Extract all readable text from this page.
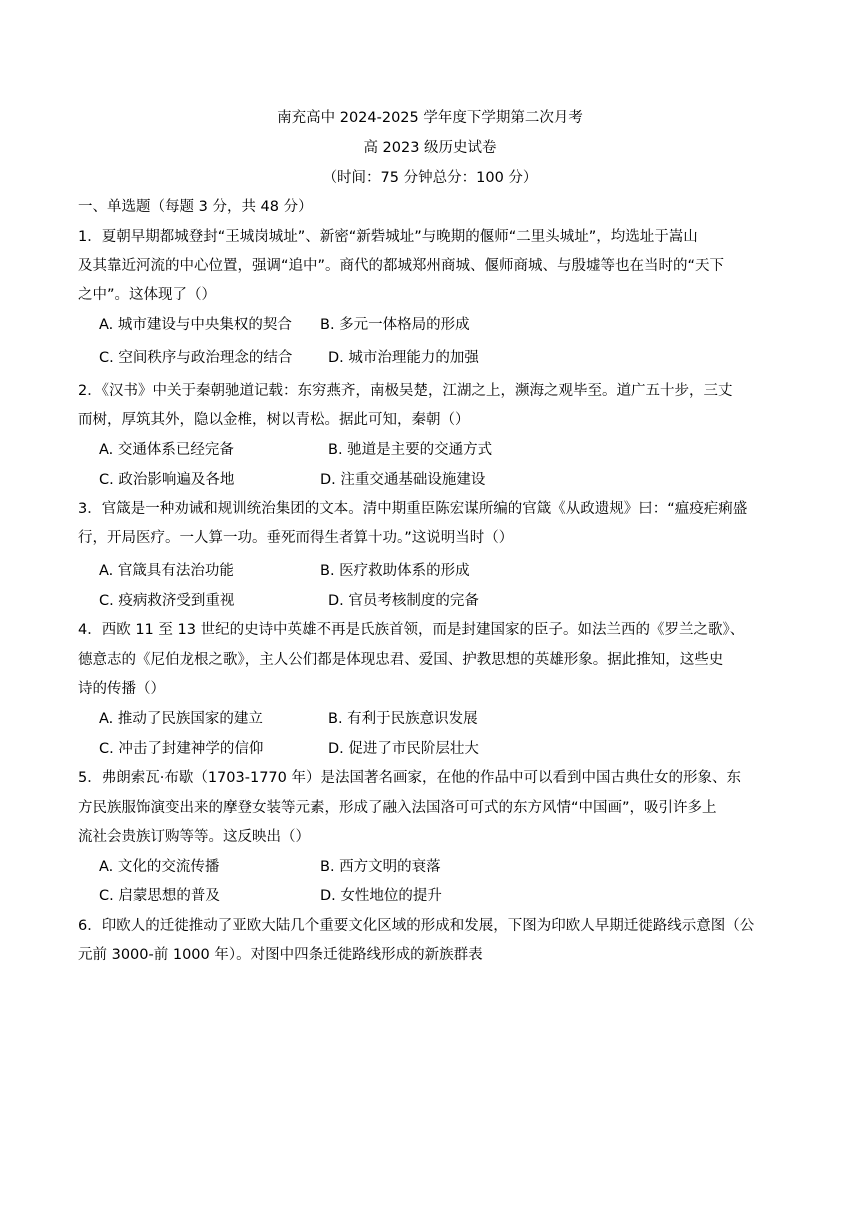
南充高中 2024-2025 学年度下学期第二次月考
高 2023 级历史试卷
（时间：75 分钟总分：100 分）
一、单选题（每题 3 分，共 48 分）
1．夏朝早期都城登封“王城岗城址”、新密“新砦城址”与晚期的偃师“二里头城址”，均选址于嵩山
及其靠近河流的中心位置，强调“追中”。商代的都城郑州商城、偃师商城、与殷墟等也在当时的“天下
之中”。这体现了（）
A. 城市建设与中央集权的契合 B. 多元一体格局的形成
C. 空间秩序与政治理念的结合 D. 城市治理能力的加强
2．《汉书》中关于秦朝驰道记载：东穷燕齐，南极吴楚，江湖之上，濒海之观毕至。道广五十步，三丈
而树，厚筑其外，隐以金椎，树以青松。据此可知，秦朝（）
A. 交通体系已经完备	B. 驰道是主要的交通方式
C. 政治影响遍及各地	D. 注重交通基础设施建设
3．官箴是一种劝诫和规训统治集团的文本。清中期重臣陈宏谋所编的官箴《从政遗规》曰：“瘟疫疟痢盛
行，开局医疗。一人算一功。垂死而得生者算十功。”这说明当时（）
A. 官箴具有法治功能	B. 医疗救助体系的形成
C. 疫病救济受到重视	D. 官员考核制度的完备
4．西欧 11 至 13 世纪的史诗中英雄不再是氏族首领，而是封建国家的臣子。如法兰西的《罗兰之歌》、
德意志的《尼伯龙根之歌》，主人公们都是体现忠君、爱国、护教思想的英雄形象。据此推知，这些史
诗的传播（）
A. 推动了民族国家的建立	B. 有利于民族意识发展
C. 冲击了封建神学的信仰	D. 促进了市民阶层壮大
5．弗朗索瓦·布歇（1703-1770 年）是法国著名画家，在他的作品中可以看到中国古典仕女的形象、东
方民族服饰演变出来的摩登女装等元素，形成了融入法国洛可可式的东方风情“中国画”，吸引许多上
流社会贵族订购等等。这反映出（）
A. 文化的交流传播	B. 西方文明的衰落
C. 启蒙思想的普及	D. 女性地位的提升
6．印欧人的迁徙推动了亚欧大陆几个重要文化区域的形成和发展，下图为印欧人早期迁徙路线示意图（公
元前 3000-前 1000 年）。对图中四条迁徙路线形成的新族群表
